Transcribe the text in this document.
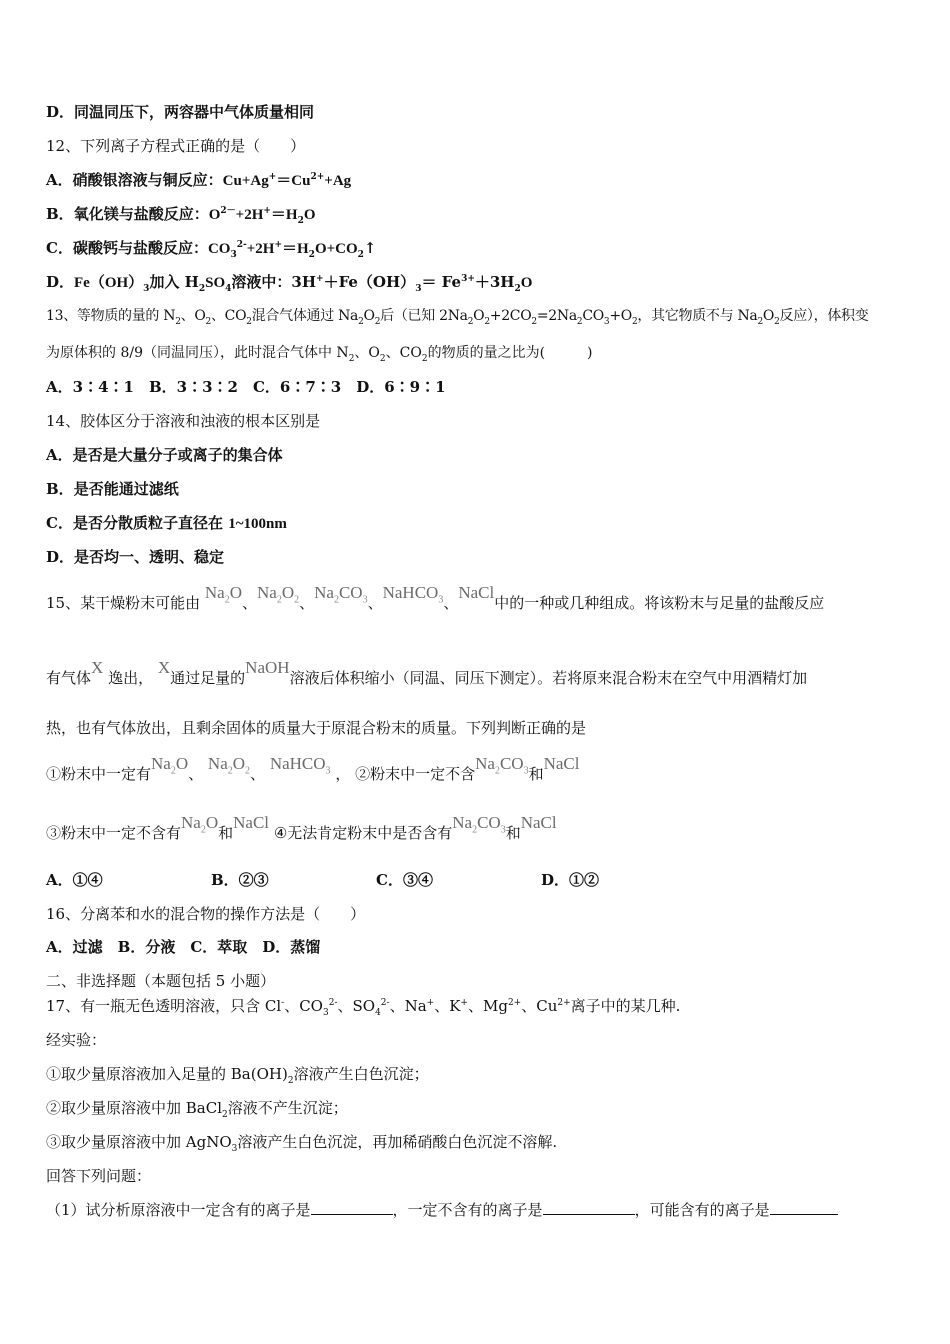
D．同温同压下，两容器中气体质量相同
12、下列离子方程式正确的是（　　）
A．硝酸银溶液与铜反应：$Cu+Ag^+=Cu^{2+}+Ag$
B．氧化镁与盐酸反应：$O^{2-}+2H^+=H_2O$
C．碳酸钙与盐酸反应：$CO_3^{2-}+2H^+=H_2O+CO_2↑$
D．$Fe(OH)_3$加入 $H_2SO_4$溶液中：$3H^++Fe(OH)_3= Fe^{3+}+3H_2O$
13、等物质的量的 $N_2$、$O_2$、$CO_2$混合气体通过 $Na_2O_2$后（已知 $2Na_2O_2+2CO_2=2Na_2CO_3+O_2$，其它物质不与 $Na_2O_2$反应），体积变
为原体积的 8/9（同温同压），此时混合气体中 $N_2$、$O_2$、$CO_2$的物质的量之比为(　　　)
A．3∶4∶1　B．3∶3∶2　C．6∶7∶3　D．6∶9∶1
14、胶体区分于溶液和浊液的根本区别是
A．是否是大量分子或离子的集合体
B．是否能通过滤纸
C．是否分散质粒子直径在 1~100nm
D．是否均一、透明、稳定
15、某干燥粉末可能由 $Na_2O$、$Na_2O_2$、$Na_2CO_3$、NaHCO$_3$、NaCl中的一种或几种组成。将该粉末与足量的盐酸反应
有气体X 逸出， X通过足量的NaOH溶液后体积缩小（同温、同压下测定）。若将原来混合粉末在空气中用酒精灯加
热，也有气体放出，且剩余固体的质量大于原混合粉末的质量。下列判断正确的是
①粉末中一定有$Na_2O$、 $Na_2O_2$、 NaHCO$_3$ ， ②粉末中一定不含$Na_2CO_3$和NaCl
③粉末中一定不含有$Na_2O$和NaCl ④无法肯定粉末中是否含有$Na_2CO_3$和NaCl
A．①④	B．②③	C．③④	D．①②
16、分离苯和水的混合物的操作方法是（　　）
A．过滤　B．分液　C．萃取　D．蒸馏
二、非选择题（本题包括 5 小题）
17、有一瓶无色透明溶液，只含 Cl-、$CO_3^{2-}$、$SO_4^{2-}$、Na+、K+、$Mg^{2+}$、$Cu^{2+}$离子中的某几种.
经实验：
①取少量原溶液加入足量的 $Ba(OH)_2$溶液产生白色沉淀；
②取少量原溶液中加 BaCl$_2$溶液不产生沉淀；
③取少量原溶液中加 AgNO$_3$溶液产生白色沉淀，再加稀硝酸白色沉淀不溶解.
回答下列问题：
（1）试分析原溶液中一定含有的离子是	，一定不含有的离子是	，可能含有的离子是
